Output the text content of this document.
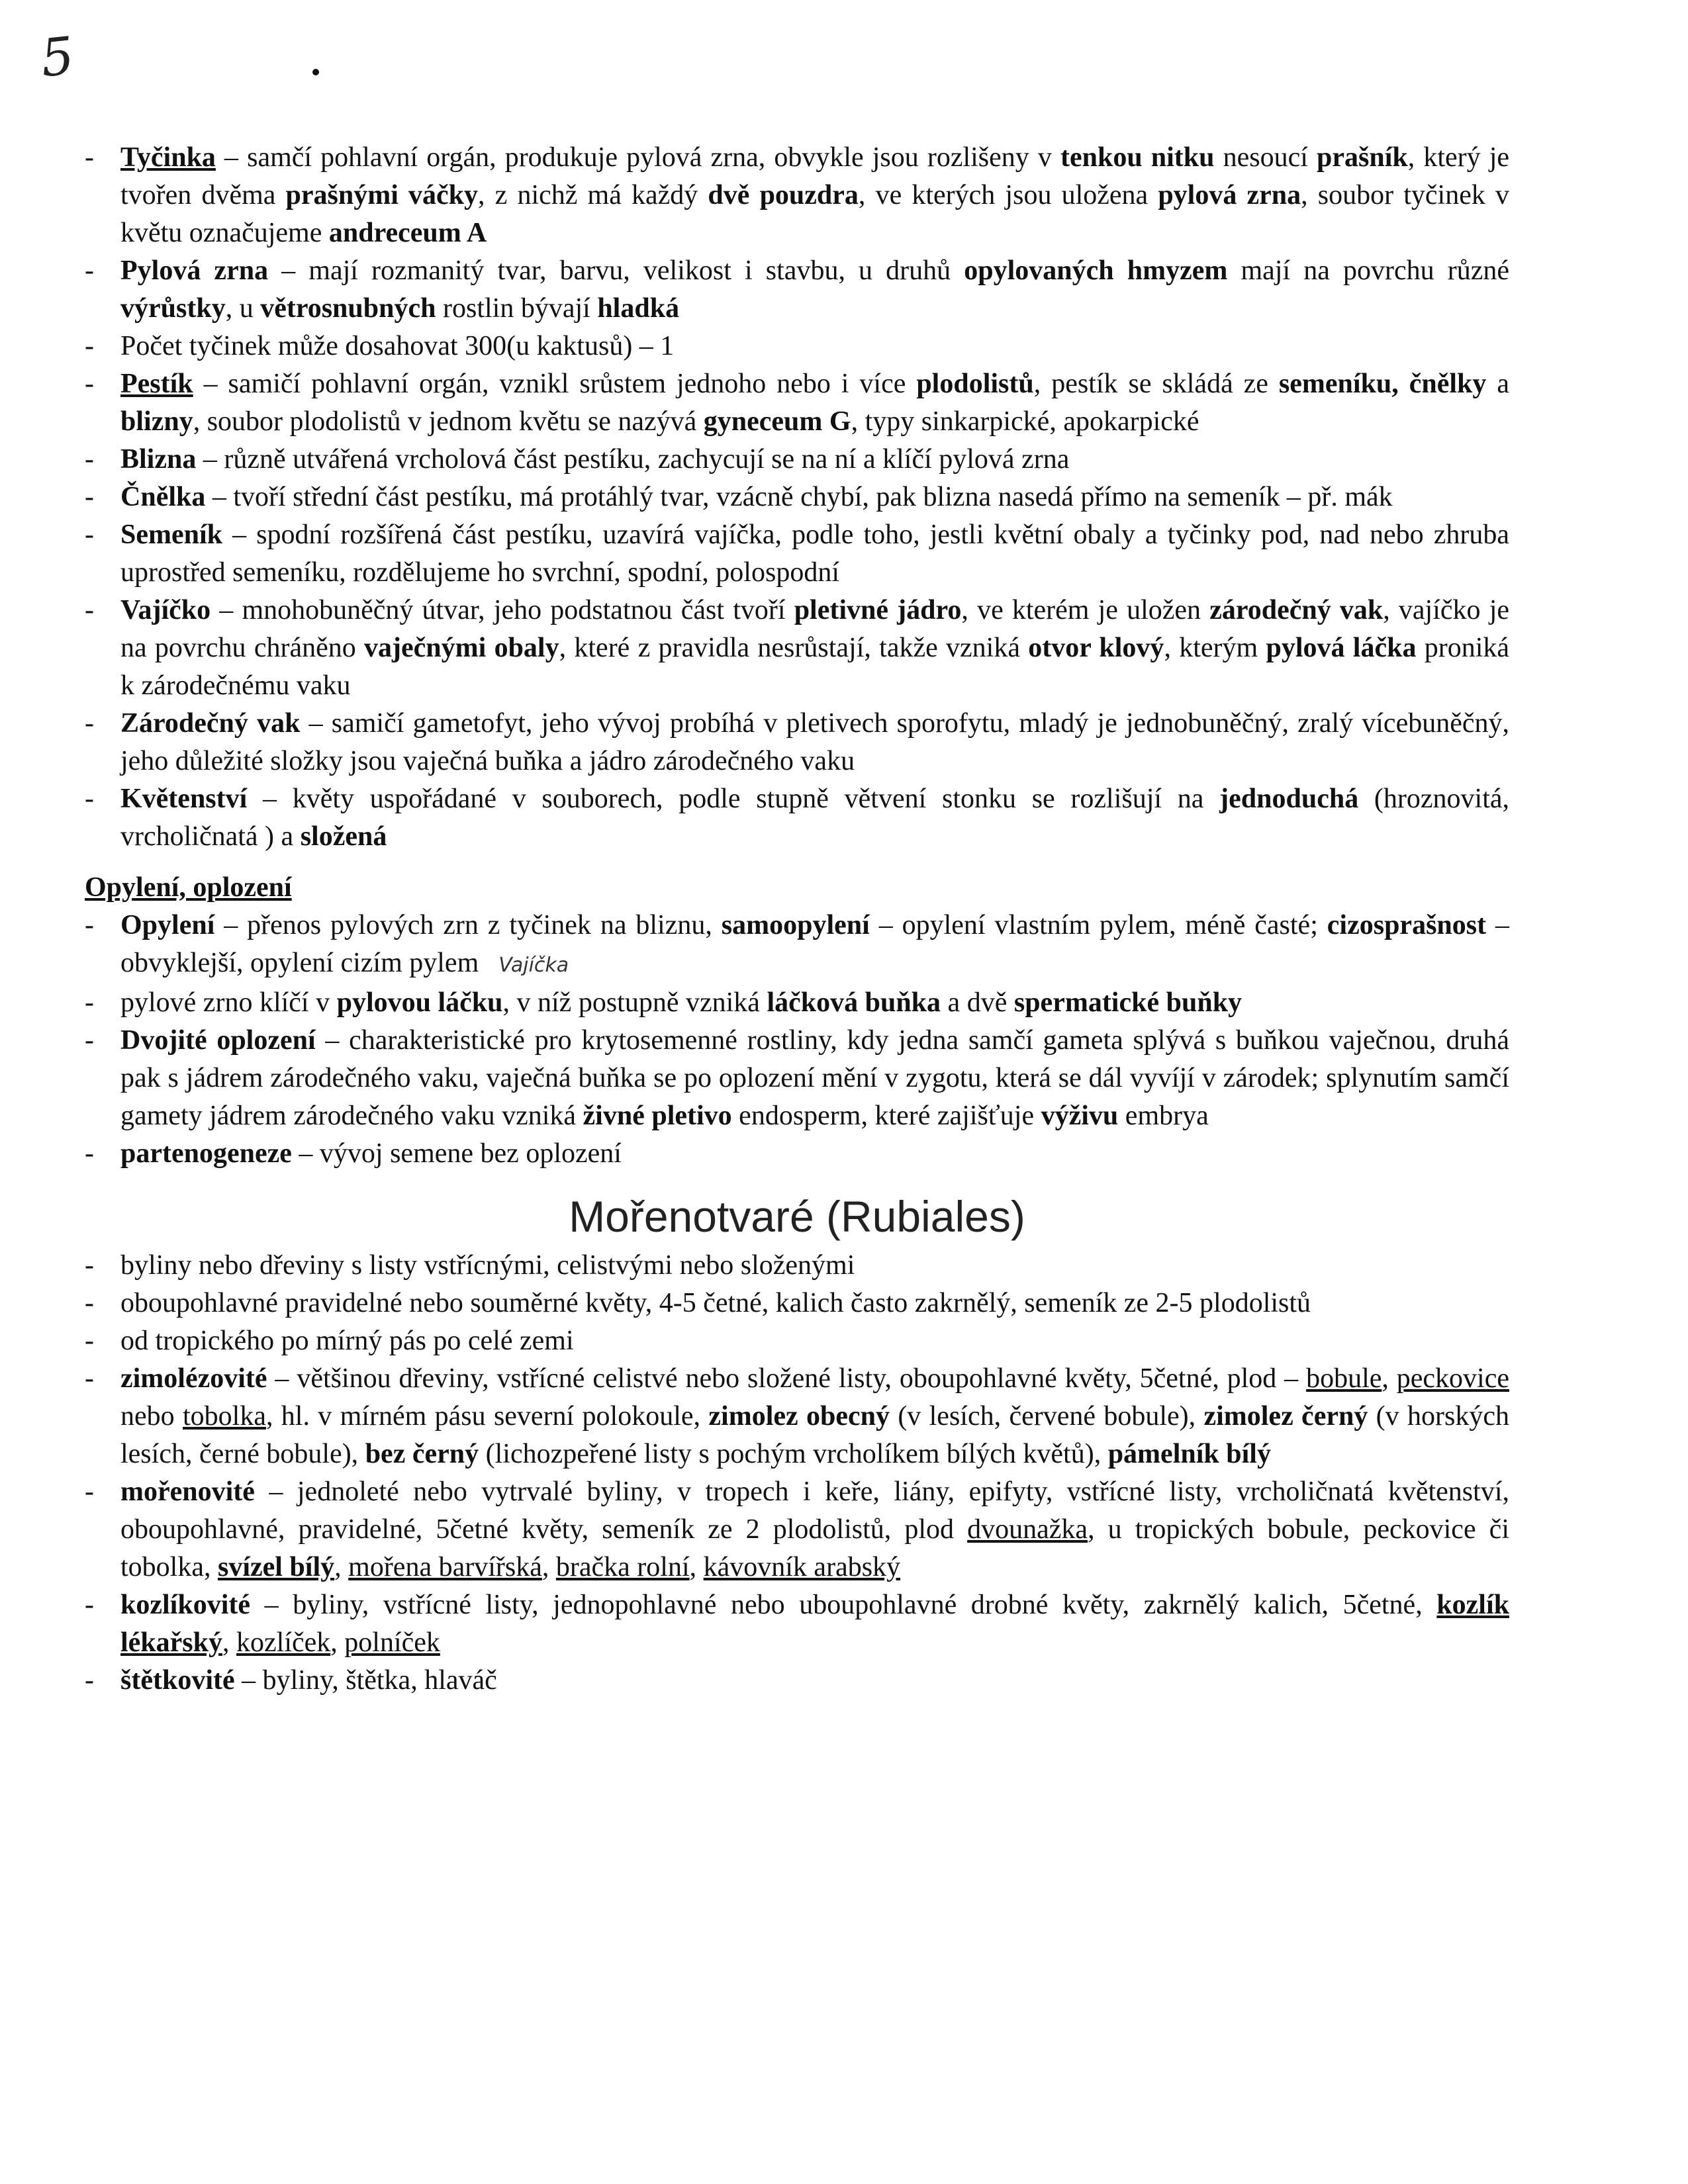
5
- Tyčinka – samčí pohlavní orgán, produkuje pylová zrna, obvykle jsou rozlišeny v tenkou nitku nesoucí prašník, který je tvořen dvěma prašnými váčky, z nichž má každý dvě pouzdra, ve kterých jsou uložena pylová zrna, soubor tyčinek v květu označujeme andreceum A
- Pylová zrna – mají rozmanitý tvar, barvu, velikost i stavbu, u druhů opylovaných hmyzem mají na povrchu různé výrůstky, u větrosnubných rostlin bývají hladká
- Počet tyčinek může dosahovat 300(u kaktusů) – 1
- Pestík – samičí pohlavní orgán, vznikl srůstem jednoho nebo i více plodolistů, pestík se skládá ze semeníku, čnělky a blizny, soubor plodolistů v jednom květu se nazývá gyneceum G, typy sinkarpické, apokarpické
- Blizna – různě utvářená vrcholová část pestíku, zachycují se na ní a klíčí pylová zrna
- Čnělka – tvoří střední část pestíku, má protáhlý tvar, vzácně chybí, pak blizna nasedá přímo na semeník – př. mák
- Semeník – spodní rozšířená část pestíku, uzavírá vajíčka, podle toho, jestli květní obaly a tyčinky pod, nad nebo zhruba uprostřed semeníku, rozdělujeme ho svrchní, spodní, polospodní
- Vajíčko – mnohobuněčný útvar, jeho podstatnou část tvoří pletivné jádro, ve kterém je uložen zárodečný vak, vajíčko je na povrchu chráněno vaječnými obaly, které z pravidla nesrůstají, takže vzniká otvor klový, kterým pylová láčka proniká k zárodečnému vaku
- Zárodečný vak – samičí gametofyt, jeho vývoj probíhá v pletivech sporofytu, mladý je jednobuněčný, zralý vícebuněčný, jeho důležité složky jsou vaječná buňka a jádro zárodečného vaku
- Květenství – květy uspořádané v souborech, podle stupně větvení stonku se rozlišují na jednoduchá (hroznovitá, vrcholičnatá ) a složená
Opylení, oplození
- Opylení – přenos pylových zrn z tyčinek na bliznu, samoopylení – opylení vlastním pylem, méně časté; cizosprašnost – obvyklejší, opylení cizím pylem Vajíčka
- pylové zrno klíčí v pylovou láčku, v níž postupně vzniká láčková buňka a dvě spermatické buňky
- Dvojité oplození – charakteristické pro krytosemenné rostliny, kdy jedna samčí gameta splývá s buňkou vaječnou, druhá pak s jádrem zárodečného vaku, vaječná buňka se po oplození mění v zygotu, která se dál vyvíjí v zárodek; splynutím samčí gamety jádrem zárodečného vaku vzniká živné pletivo endosperm, které zajišťuje výživu embrya
- partenogeneze – vývoj semene bez oplození
Mořenotvaré (Rubiales)
- byliny nebo dřeviny s listy vstřícnými, celistvými nebo složenými
- oboupohlavné pravidelné nebo souměrné květy, 4-5 četné, kalich často zakrnělý, semeník ze 2-5 plodolistů
- od tropického po mírný pás po celé zemi
- zimolézovité – většinou dřeviny, vstřícné celistvé nebo složené listy, oboupohlavné květy, 5četné, plod – bobule, peckovice nebo tobolka, hl. v mírném pásu severní polokoule, zimolez obecný (v lesích, červené bobule), zimolez černý (v horských lesích, černé bobule), bez černý (lichozpeřené listy s pochým vrcholíkem bílých květů), pámelník bílý
- mořenovité – jednoleté nebo vytrvalé byliny, v tropech i keře, liány, epifyty, vstřícné listy, vrcholičnatá květenství, oboupohlavné, pravidelné, 5četné květy, semeník ze 2 plodolistů, plod dvounažka, u tropických bobule, peckovice či tobolka, svízel bílý, mořena barvířská, bračka rolní, kávovník arabský
- kozlíkovité – byliny, vstřícné listy, jednopohlavné nebo uboupohlavné drobné květy, zakrnělý kalich, 5četné, kozlík lékařský, kozlíček, polníček
- štětkovité – byliny, štětka, hlaváč
